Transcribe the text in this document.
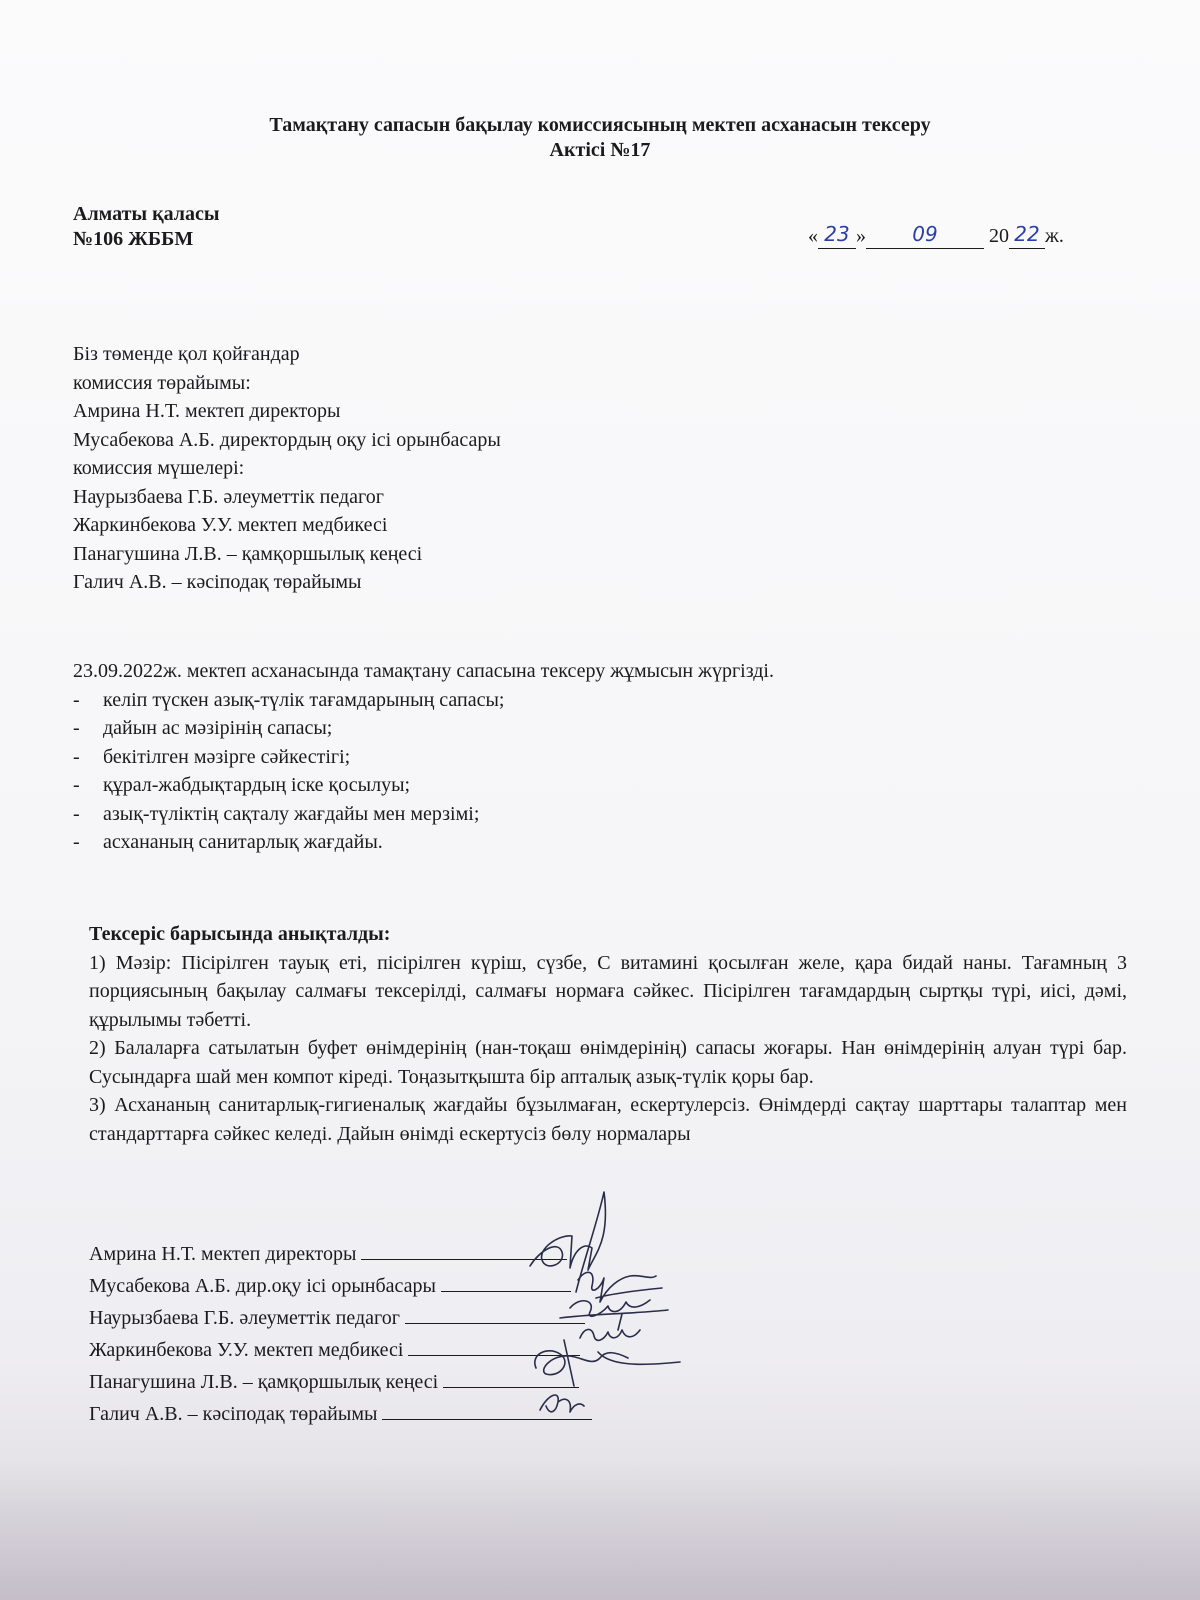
Тамақтану сапасын бақылау комиссиясының мектеп асханасын тексеру
Актісі №17
Алматы қаласы
№106 ЖББМ	« 23 » 09	20 22 ж.
Біз төменде қол қойғандар
комиссия төрайымы:
Амрина Н.Т. мектеп директоры
Мусабекова А.Б. директордың оқу ісі орынбасары
комиссия мүшелері:
Наурызбаева Г.Б. әлеуметтік педагог
Жаркинбекова У.У. мектеп медбикесі
Панагушина Л.В. – қамқоршылық кеңесі
Галич А.В. – кәсіподақ төрайымы
23.09.2022ж. мектеп асханасында тамақтану сапасына тексеру жұмысын жүргізді.
- келіп түскен азық-түлік тағамдарының сапасы;
- дайын ас мәзірінің сапасы;
- бекітілген мәзірге сәйкестігі;
- құрал-жабдықтардың іске қосылуы;
- азық-түліктің сақталу жағдайы мен мерзімі;
- асхананың санитарлық жағдайы.
Тексеріс барысында анықталды:

1) Мәзір: Пісірілген тауық еті, пісірілген күріш, сүзбе, С витамині қосылған желе, қара бидай наны. Тағамның 3 порциясының бақылау салмағы тексерілді, салмағы нормаға сәйкес. Пісірілген тағамдардың сыртқы түрі, иісі, дәмі, құрылымы тәбетті.

2) Балаларға сатылатын буфет өнімдерінің (нан-тоқаш өнімдерінің) сапасы жоғары. Нан өнімдерінің алуан түрі бар. Сусындарға шай мен компот кіреді. Тоңазытқышта бір апталық азық-түлік қоры бар.

3) Асхананың санитарлық-гигиеналық жағдайы бұзылмаған, ескертулерсіз. Өнімдерді сақтау шарттары талаптар мен стандарттарға сәйкес келеді. Дайын өнімді ескертусіз бөлу нормалары

Амрина Н.Т. мектеп директоры
Мусабекова А.Б. дир.оқу ісі орынбасары
Наурызбаева Г.Б. әлеуметтік педагог
Жаркинбекова У.У. мектеп медбикесі
Панагушина Л.В. – қамқоршылық кеңесі
Галич А.В. – кәсіподақ төрайымы
